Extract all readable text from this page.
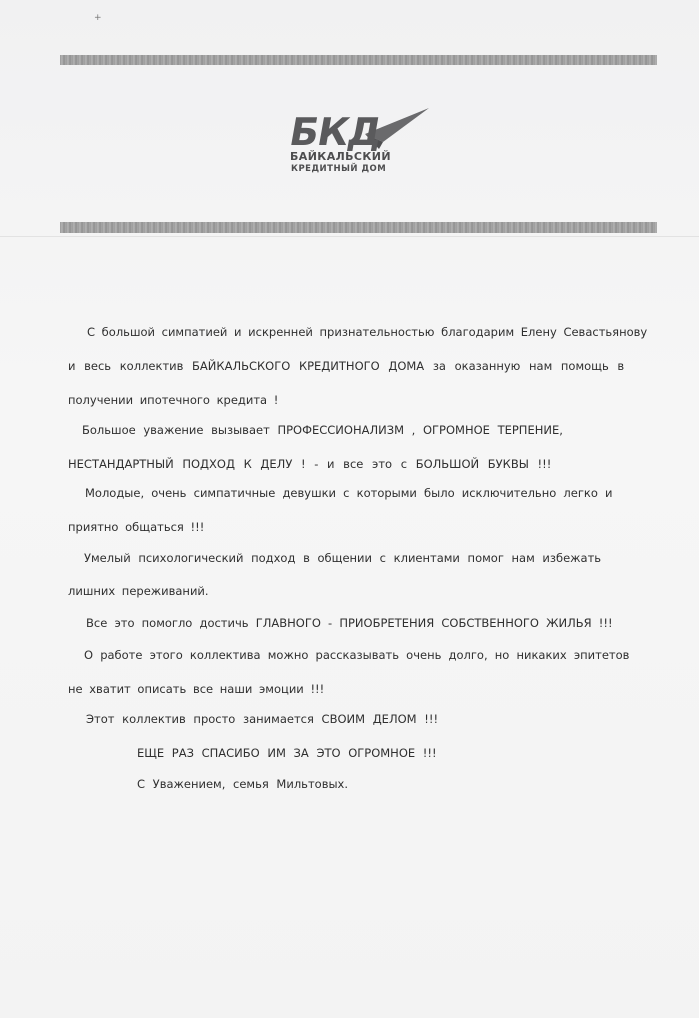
+
БКД
БАЙКАЛЬСКИЙ
КРЕДИТНЫЙ ДОМ
С большой симпатией и искренней признательностью благодарим Елену Севастьянову
и весь коллектив БАЙКАЛЬСКОГО КРЕДИТНОГО ДОМА за оказанную нам помощь в
получении ипотечного кредита !
Большое уважение вызывает ПРОФЕССИОНАЛИЗМ , ОГРОМНОЕ ТЕРПЕНИЕ,
НЕСТАНДАРТНЫЙ ПОДХОД К ДЕЛУ ! - и все это с БОЛЬШОЙ БУКВЫ !!!
Молодые, очень симпатичные девушки с которыми было исключительно легко и
приятно общаться !!!
Умелый психологический подход в общении с клиентами помог нам избежать
лишних переживаний.
Все это помогло достичь ГЛАВНОГО - ПРИОБРЕТЕНИЯ СОБСТВЕННОГО ЖИЛЬЯ !!!
О работе этого коллектива можно рассказывать очень долго, но никаких эпитетов
не хватит описать все наши эмоции !!!
Этот коллектив просто занимается СВОИМ ДЕЛОМ !!!
ЕЩЕ РАЗ СПАСИБО ИМ ЗА ЭТО ОГРОМНОЕ !!!
С Уважением, семья Мильтовых.
